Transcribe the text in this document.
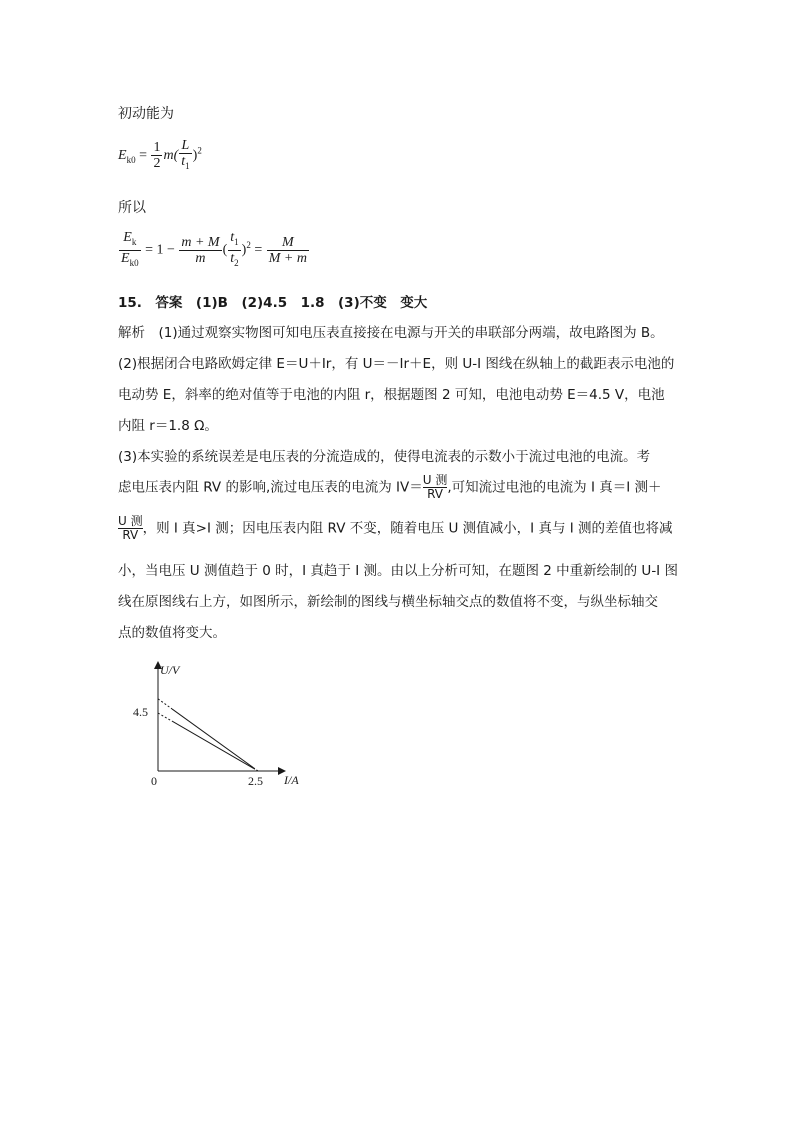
初动能为
$E_{k0} = \frac{1}{2} m( \frac{L}{t_1} )^2$
所以
$\frac{E_k}{E_{k0}} = 1 - \frac{m + M}{m}$ ( $\frac{t_1}{t_2} )^2 = \frac{M}{M + m}$
15.　答案　(1)B　(2)4.5　1.8　(3)不变　变大
解析　(1)通过观察实物图可知电压表直接接在电源与开关的串联部分两端，故电路图为 B。
(2)根据闭合电路欧姆定律 E＝U＋Ir，有 U＝－Ir＋E，则 U-I 图线在纵轴上的截距表示电池的
电动势 E，斜率的绝对值等于电池的内阻 r，根据题图 2 可知，电池电动势 E＝4.5 V，电池
内阻 r＝1.8 Ω。
(3)本实验的系统误差是电压表的分流造成的，使得电流表的示数小于流过电池的电流。考
虑电压表内阻 RV 的影响,流过电压表的电流为 $IV= \frac{\text{U 测}}{RV}$ ,可知流过电池的电流为 I 真＝I 测＋
$\frac{\text{U 测}}{RV}$ ，则 I 真>I 测；因电压表内阻 RV 不变，随着电压 U 测值减小，I 真与 I 测的差值也将减
小，当电压 U 测值趋于 0 时，I 真趋于 I 测。由以上分析可知，在题图 2 中重新绘制的 U-I 图
线在原图线右上方，如图所示，新绘制的图线与横坐标轴交点的数值将不变，与纵坐标轴交
点的数值将变大。
U/V
I/A
0
4.5
2.5
